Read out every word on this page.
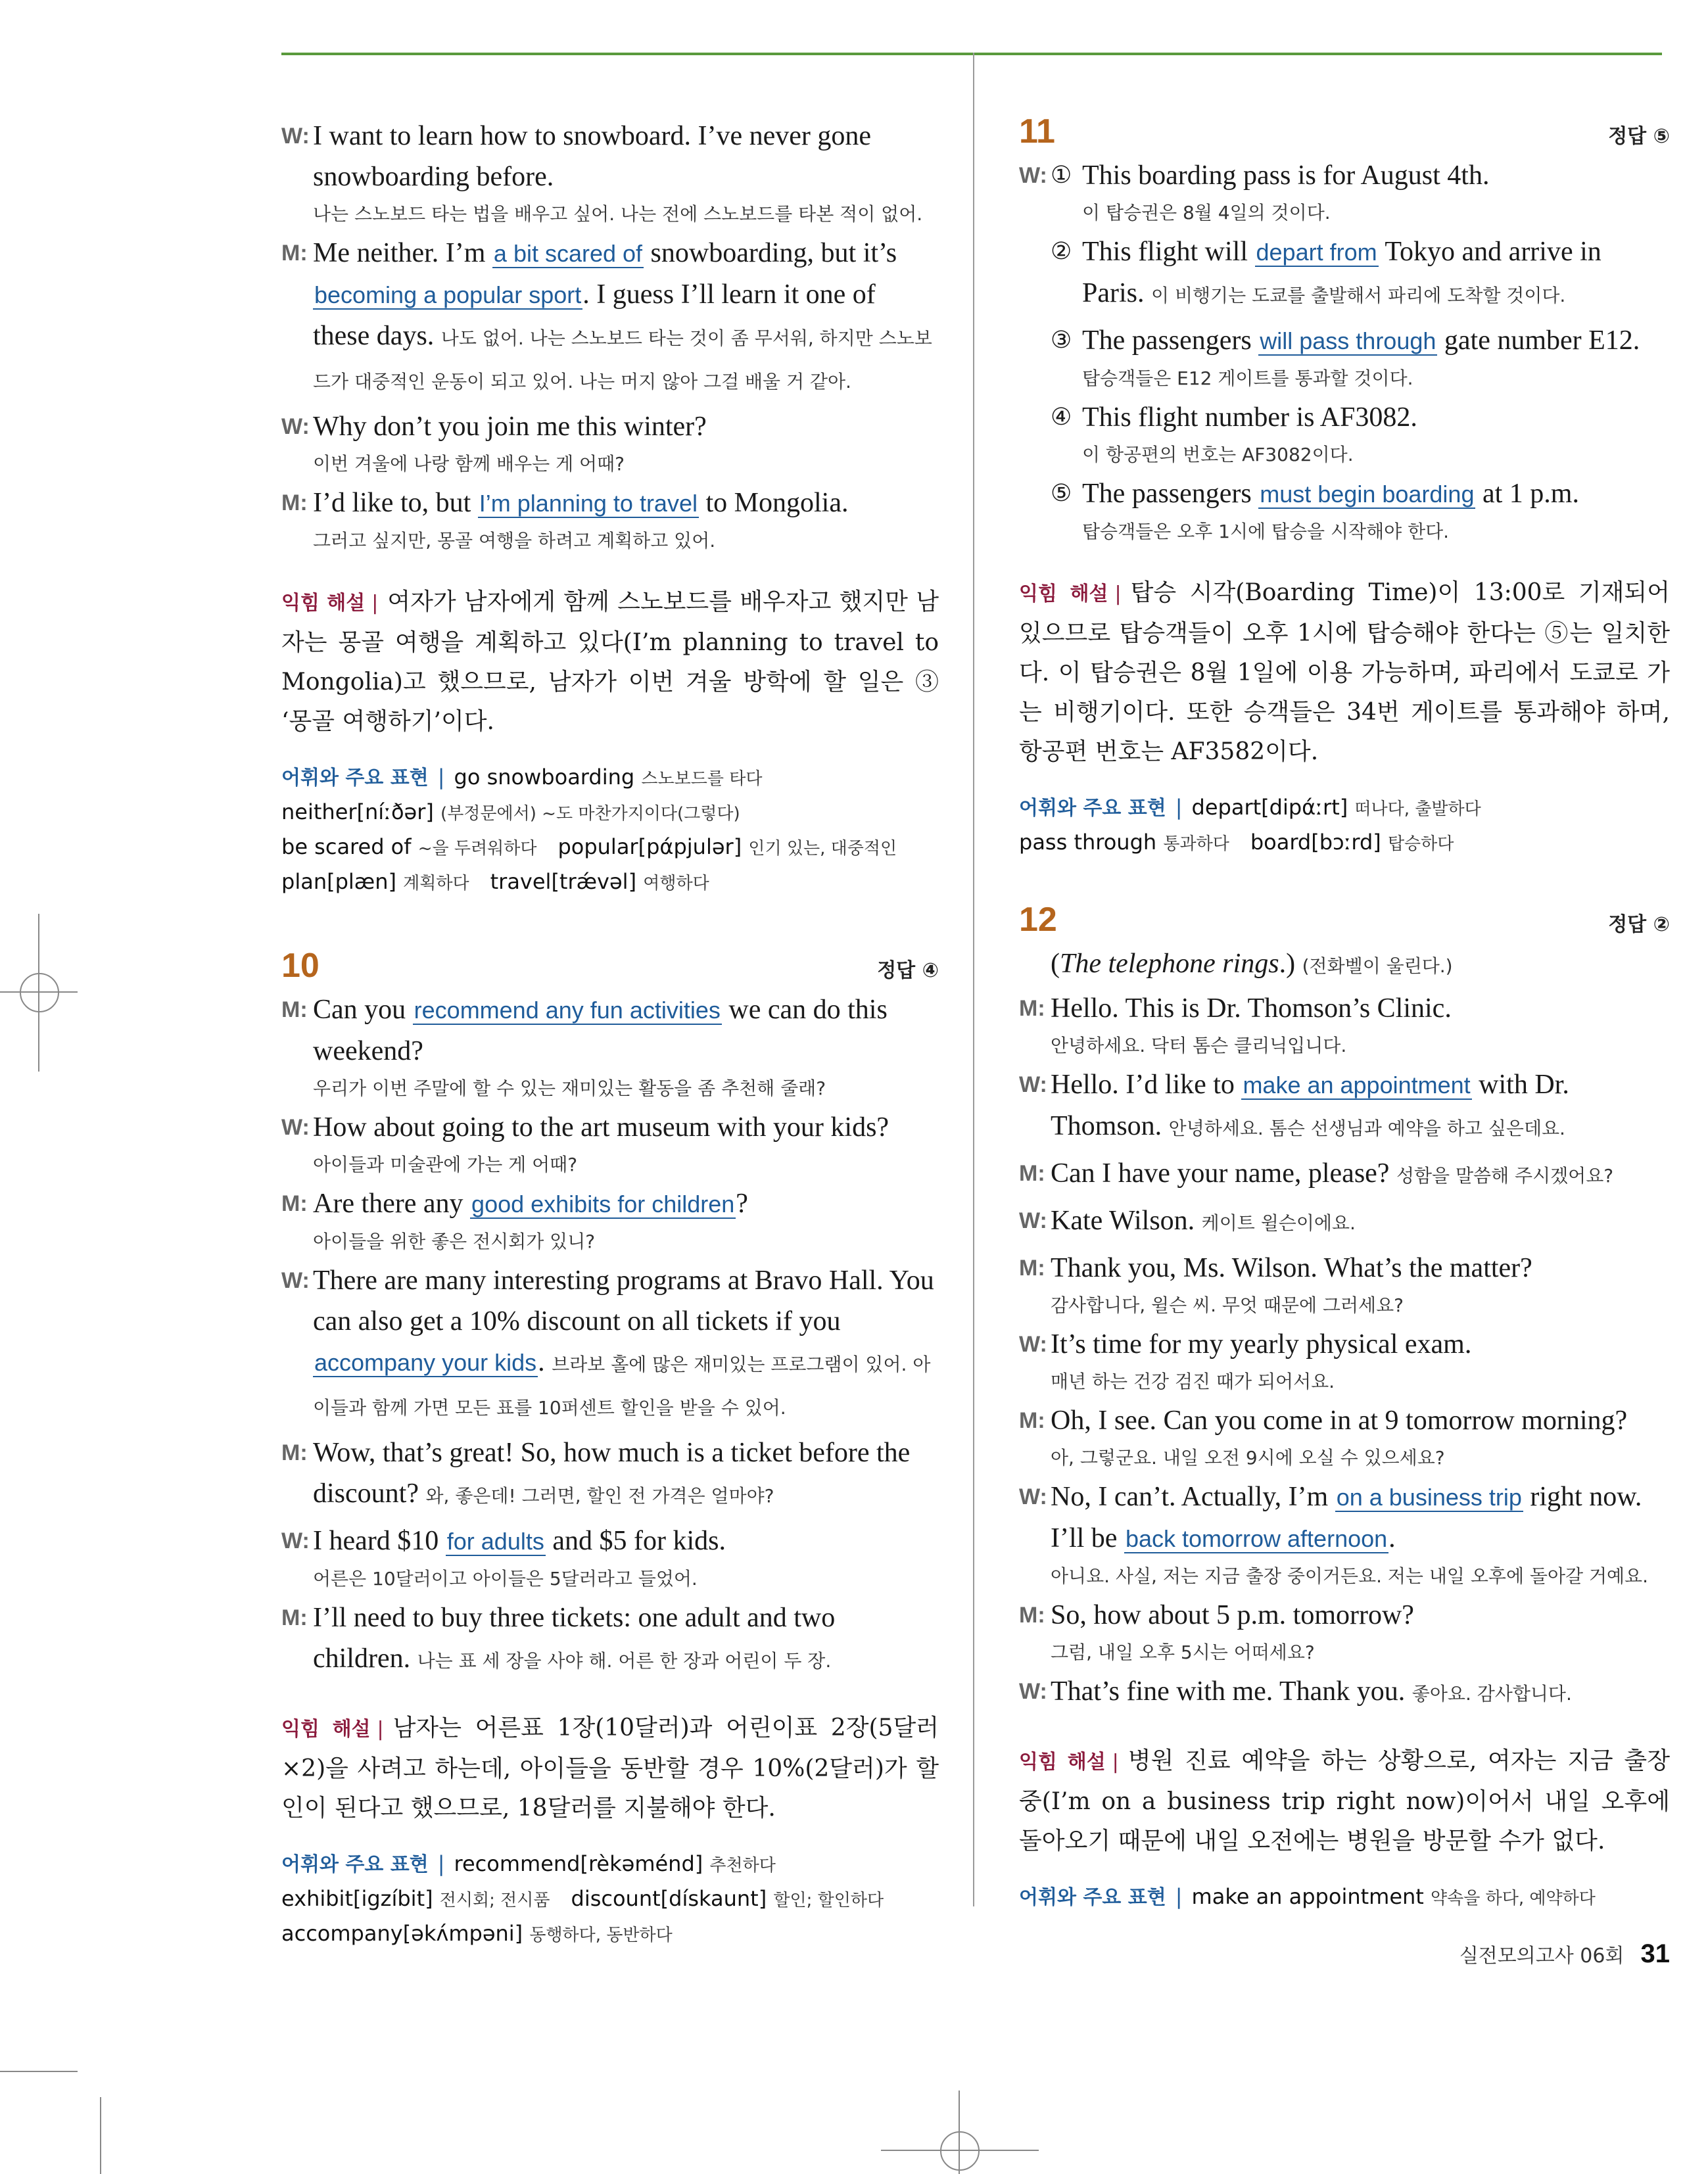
W: I want to learn how to snowboard. I’ve never gone snowboarding before.
나는 스노보드 타는 법을 배우고 싶어. 나는 전에 스노보드를 타본 적이 없어.
M: Me neither. I’m a bit scared of snowboarding, but it’s becoming a popular sport. I guess I’ll learn it one of these days. 나도 없어. 나는 스노보드 타는 것이 좀 무서워, 하지만 스노보드가 대중적인 운동이 되고 있어. 나는 머지 않아 그걸 배울 거 같아.
W: Why don’t you join me this winter?
이번 겨울에 나랑 함께 배우는 게 어때?
M: I’d like to, but I’m planning to travel to Mongolia.
그러고 싶지만, 몽골 여행을 하려고 계획하고 있어.
익힘 해설 | 여자가 남자에게 함께 스노보드를 배우자고 했지만 남자는 몽골 여행을 계획하고 있다(I’m planning to travel to Mongolia)고 했으므로, 남자가 이번 겨울 방학에 할 일은 ③ ‘몽골 여행하기’이다.
어휘와 주요 표현 | go snowboarding 스노보드를 타다
neither[níːðər] (부정문에서) ~도 마찬가지이다(그렇다)
be scared of ~을 두려워하다 popular[pάpjulər] 인기 있는, 대중적인
plan[plæn] 계획하다 travel[trǽvəl] 여행하다
10	정답 ④
M: Can you recommend any fun activities we can do this weekend?
우리가 이번 주말에 할 수 있는 재미있는 활동을 좀 추천해 줄래?
W: How about going to the art museum with your kids?
아이들과 미술관에 가는 게 어때?
M: Are there any good exhibits for children?
아이들을 위한 좋은 전시회가 있니?
W: There are many interesting programs at Bravo Hall. You can also get a 10% discount on all tickets if you accompany your kids. 브라보 홀에 많은 재미있는 프로그램이 있어. 아이들과 함께 가면 모든 표를 10퍼센트 할인을 받을 수 있어.
M: Wow, that’s great! So, how much is a ticket before the discount? 와, 좋은데! 그러면, 할인 전 가격은 얼마야?
W: I heard $10 for adults and $5 for kids.
어른은 10달러이고 아이들은 5달러라고 들었어.
M: I’ll need to buy three tickets: one adult and two children. 나는 표 세 장을 사야 해. 어른 한 장과 어린이 두 장.
익힘 해설 | 남자는 어른표 1장(10달러)과 어린이표 2장(5달러×2)을 사려고 하는데, 아이들을 동반할 경우 10%(2달러)가 할인이 된다고 했으므로, 18달러를 지불해야 한다.
어휘와 주요 표현 | recommend[rèkəménd] 추천하다
exhibit[igzíbit] 전시회; 전시품 discount[dískaunt] 할인; 할인하다
accompany[əkʌ́mpəni] 동행하다, 동반하다
11	정답 ⑤
W: ① This boarding pass is for August 4th.
이 탑승권은 8월 4일의 것이다.
② This flight will depart from Tokyo and arrive in Paris. 이 비행기는 도쿄를 출발해서 파리에 도착할 것이다.
③ The passengers will pass through gate number E12.
탑승객들은 E12 게이트를 통과할 것이다.
④ This flight number is AF3082.
이 항공편의 번호는 AF3082이다.
⑤ The passengers must begin boarding at 1 p.m.
탑승객들은 오후 1시에 탑승을 시작해야 한다.
익힘 해설 | 탑승 시각(Boarding Time)이 13:00로 기재되어 있으므로 탑승객들이 오후 1시에 탑승해야 한다는 ⑤는 일치한다. 이 탑승권은 8월 1일에 이용 가능하며, 파리에서 도쿄로 가는 비행기이다. 또한 승객들은 34번 게이트를 통과해야 하며, 항공편 번호는 AF3582이다.
어휘와 주요 표현 | depart[dipάːrt] 떠나다, 출발하다
pass through 통과하다 board[bɔːrd] 탑승하다
12	정답 ②
(The telephone rings.) (전화벨이 울린다.)
M: Hello. This is Dr. Thomson’s Clinic.
안녕하세요. 닥터 톰슨 클리닉입니다.
W: Hello. I’d like to make an appointment with Dr. Thomson. 안녕하세요. 톰슨 선생님과 예약을 하고 싶은데요.
M: Can I have your name, please? 성함을 말씀해 주시겠어요?
W: Kate Wilson. 케이트 윌슨이에요.
M: Thank you, Ms. Wilson. What’s the matter?
감사합니다, 윌슨 씨. 무엇 때문에 그러세요?
W: It’s time for my yearly physical exam.
매년 하는 건강 검진 때가 되어서요.
M: Oh, I see. Can you come in at 9 tomorrow morning?
아, 그렇군요. 내일 오전 9시에 오실 수 있으세요?
W: No, I can’t. Actually, I’m on a business trip right now. I’ll be back tomorrow afternoon.
아니요. 사실, 저는 지금 출장 중이거든요. 저는 내일 오후에 돌아갈 거예요.
M: So, how about 5 p.m. tomorrow?
그럼, 내일 오후 5시는 어떠세요?
W: That’s fine with me. Thank you. 좋아요. 감사합니다.
익힘 해설 | 병원 진료 예약을 하는 상황으로, 여자는 지금 출장 중(I’m on a business trip right now)이어서 내일 오후에 돌아오기 때문에 내일 오전에는 병원을 방문할 수가 없다.
어휘와 주요 표현 | make an appointment 약속을 하다, 예약하다
실전모의고사 06회 31
